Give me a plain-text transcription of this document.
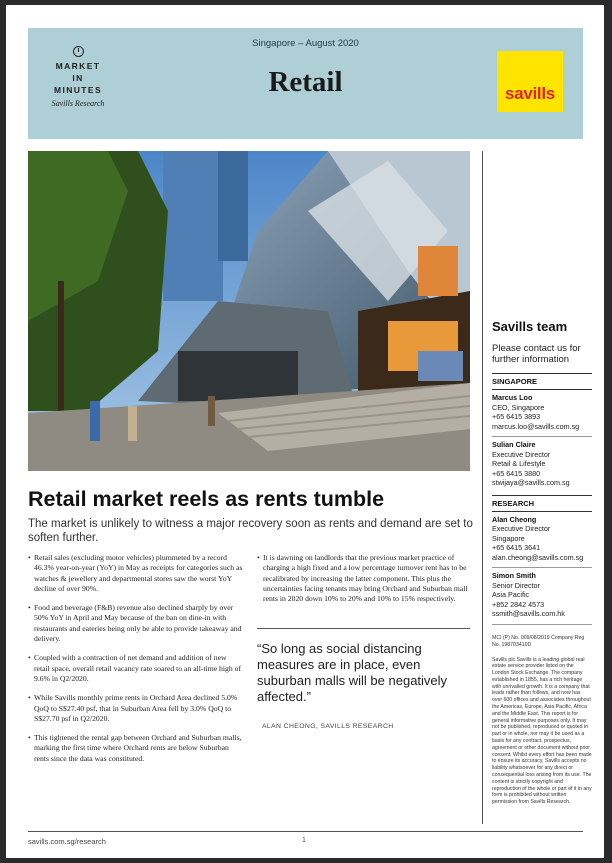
Singapore – August 2020
MARKET
IN
MINUTES
Savills Research
Retail	savills
Savills team
Please contact us for further information
SINGAPORE
Marcus Loo
CEO, Singapore
+65 6415 3893
marcus.loo@savills.com.sg
Sulian Claire
Executive Director
Retail & Lifestyle
+65 6415 3880
stwijaya@savills.com.sg
RESEARCH
Alan Cheong
Executive Director
Singapore
+65 6415 3641
alan.cheong@savills.com.sg
Simon Smith
Senior Director
Asia Pacific
+852 2842 4573
ssmith@savills.com.hk
MCI (P) No. 009/08/2019 Company Reg No. 198703410D
Savills plc Savills is a leading global real estate service provider listed on the London Stock Exchange. The company established in 1855, has a rich heritage with unrivalled growth. It is a company that leads rather than follows, and now has over 600 offices and associates throughout the Americas, Europe, Asia Pacific, Africa and the Middle East. This report is for general informative purposes only. It may not be published, reproduced or quoted in part or in whole, nor may it be used as a basis for any contract, prospectus, agreement or other document without prior consent. Whilst every effort has been made to ensure its accuracy, Savills accepts no liability whatsoever for any direct or consequential loss arising from its use. The content is strictly copyright and reproduction of the whole or part of it in any form is prohibited without written permission from Savills Research.
Retail market reels as rents tumble
The market is unlikely to witness a major recovery soon as rents and demand are set to soften further.
• Retail sales (excluding motor vehicles) plummeted by a record 46.3% year-on-year (YoY) in May as receipts for categories such as watches & jewellery and departmental stores saw the worst YoY decline of over 90%.
• Food and beverage (F&B) revenue also declined sharply by over 50% YoY in April and May because of the ban on dine-in with restaurants and eateries being only be able to provide takeaway and delivery.
• Coupled with a contraction of net demand and addition of new retail space, overall retail vacancy rate soared to an all-time high of 9.6% in Q2/2020.
• While Savills monthly prime rents in Orchard Area declined 5.0% QoQ to S$27.40 psf, that in Suburban Area fell by 3.0% QoQ to S$27.70 psf in Q2/2020.
• This tightened the rental gap between Orchard and Suburban malls, marking the first time where Orchard rents are below Suburban rents since the data was constituted.
• It is dawning on landlords that the previous market practice of charging a high fixed and a low percentage turnover rent has to be recalibrated by increasing the latter component. This plus the uncertainties facing tenants may bring Orchard and Suburban mall rents in 2020 down 10% to 20% and 10% to 15% respectively.
“So long as social distancing measures are in place, even suburban malls will be negatively affected.”
ALAN CHEONG, SAVILLS RESEARCH
savills.com.sg/research	1
